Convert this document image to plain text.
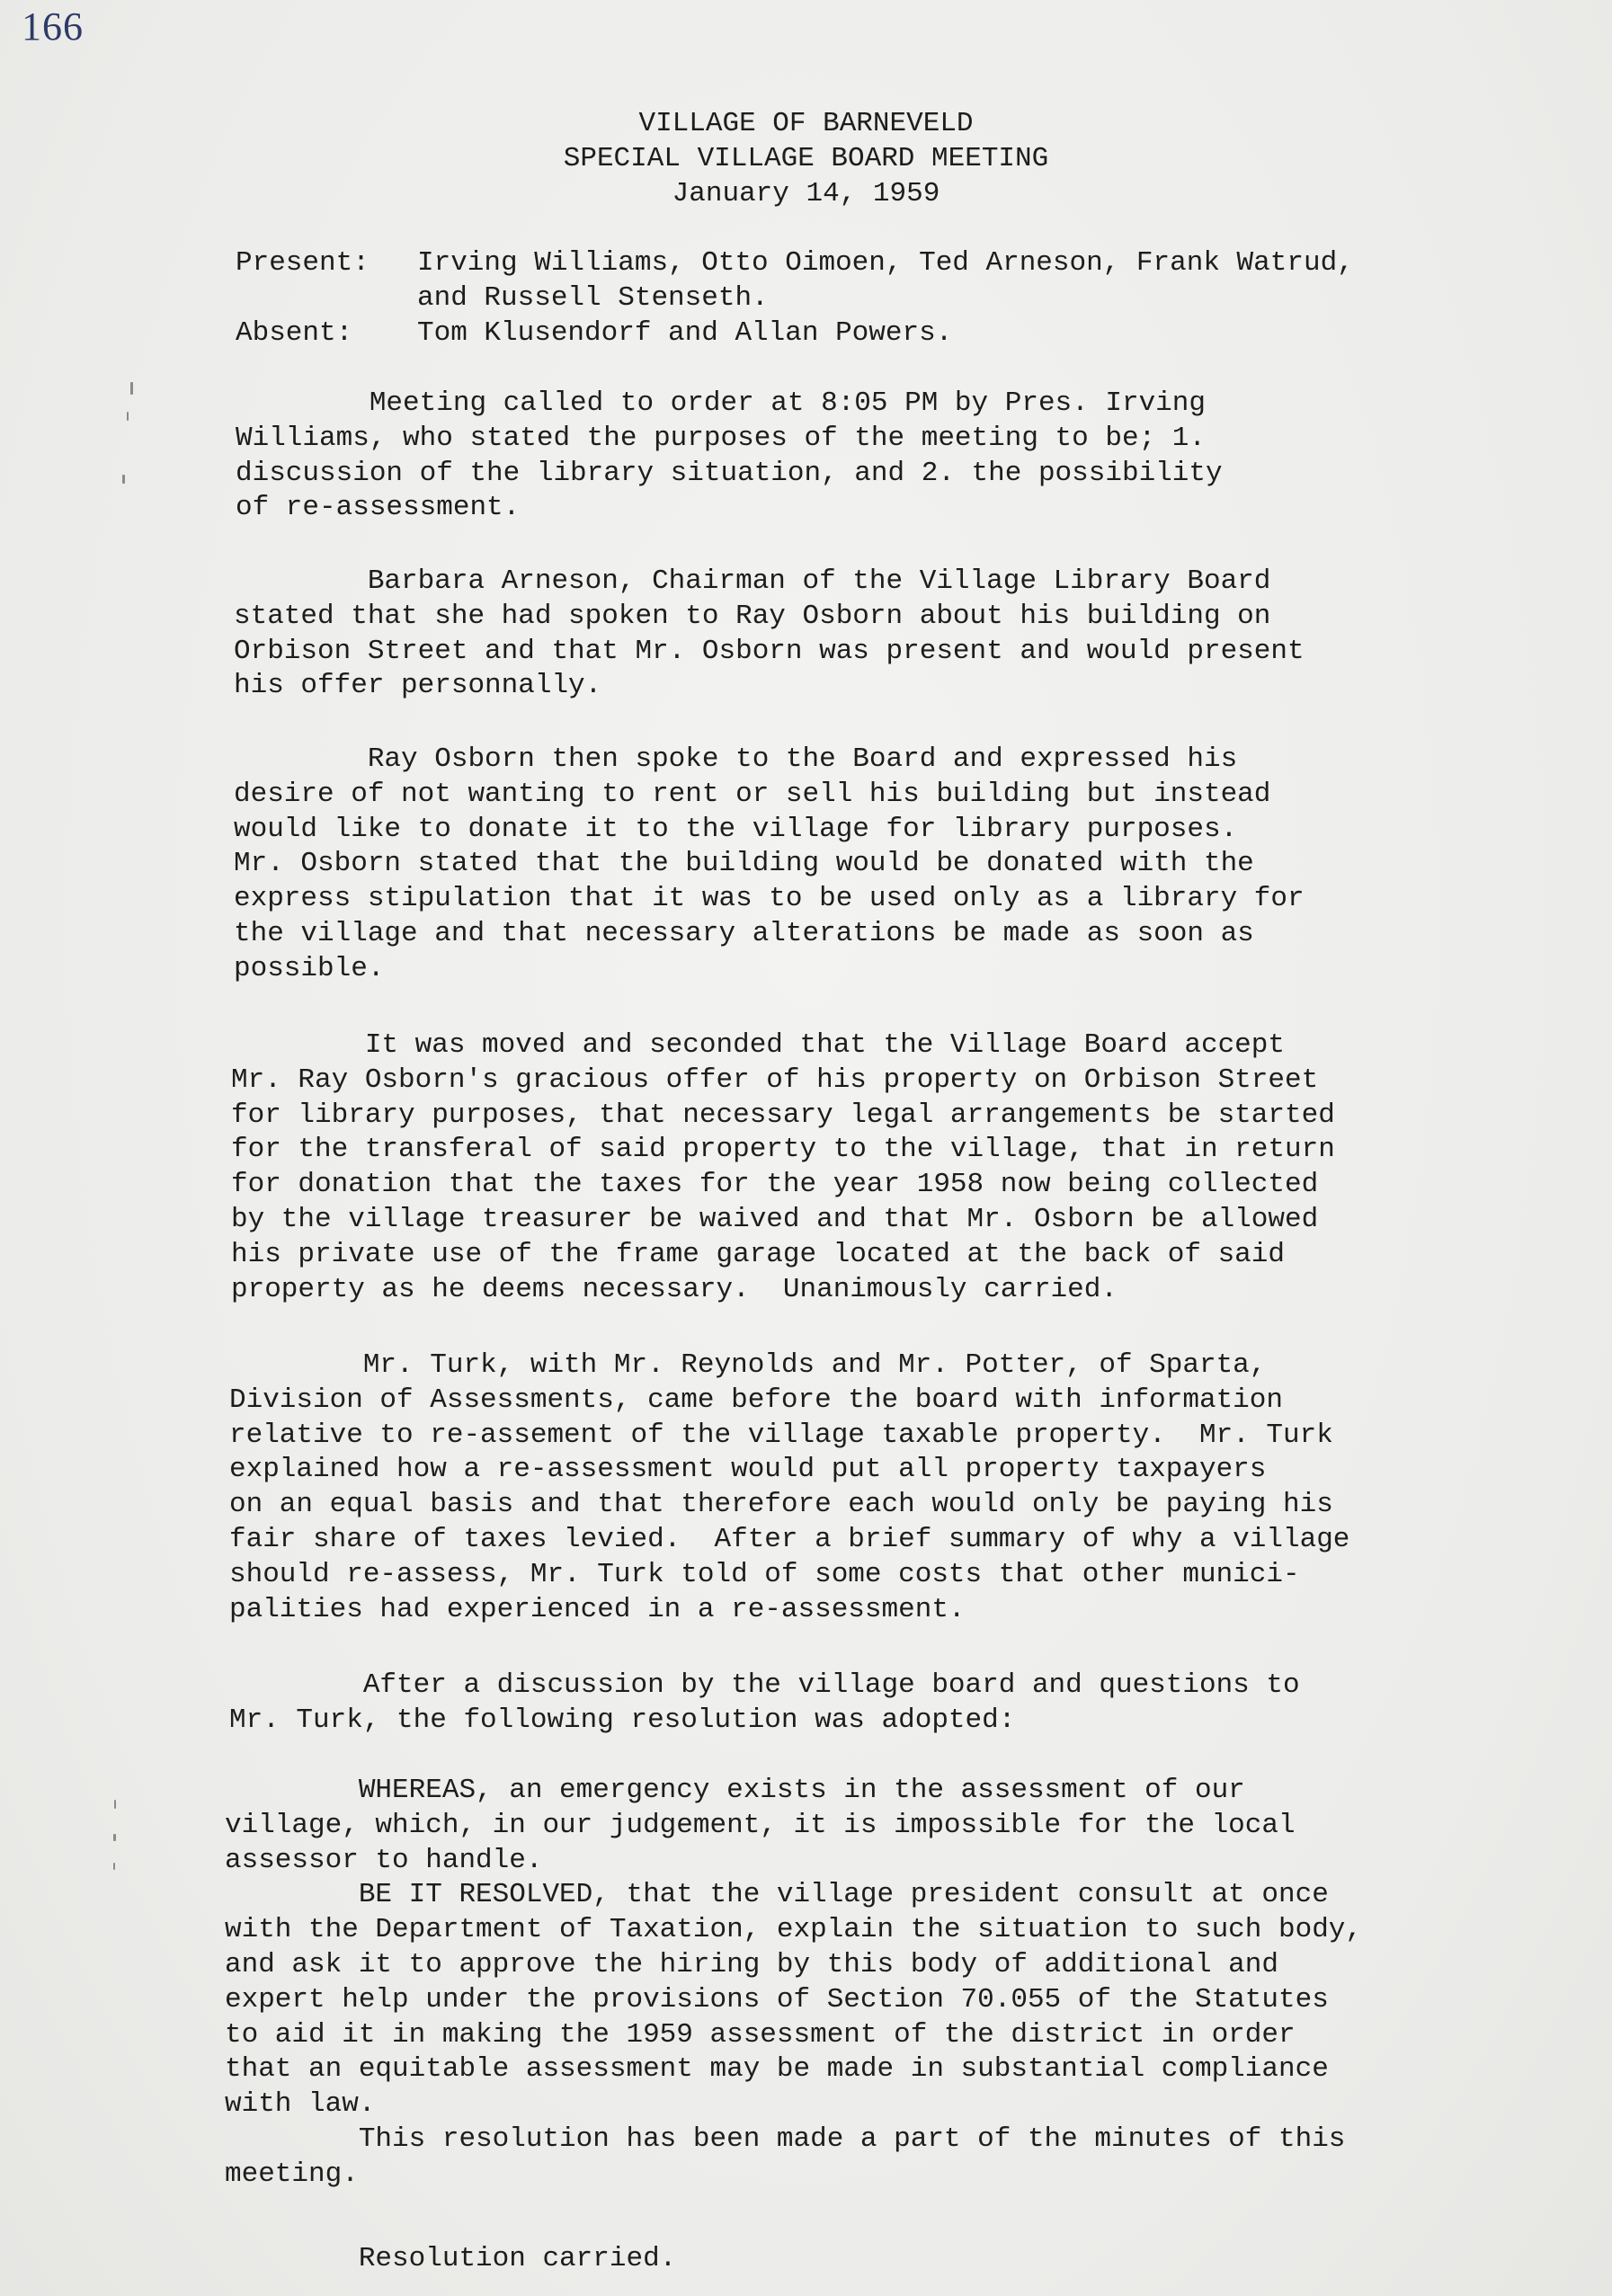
166
VILLAGE OF BARNEVELD
SPECIAL VILLAGE BOARD MEETING
January 14, 1959

Present:

Irving Williams, Otto Oimoen, Ted Arneson, Frank Watrud,

and Russell Stenseth.

Absent:

Tom Klusendorf and Allan Powers.

Meeting called to order at 8:05 PM by Pres. Irving
Williams, who stated the purposes of the meeting to be; 1.
discussion of the library situation, and 2. the possibility
of re-assessment.
Barbara Arneson, Chairman of the Village Library Board
stated that she had spoken to Ray Osborn about his building on
Orbison Street and that Mr. Osborn was present and would present
his offer personnally.
Ray Osborn then spoke to the Board and expressed his
desire of not wanting to rent or sell his building but instead
would like to donate it to the village for library purposes.
Mr. Osborn stated that the building would be donated with the
express stipulation that it was to be used only as a library for
the village and that necessary alterations be made as soon as
possible.
It was moved and seconded that the Village Board accept
Mr. Ray Osborn's gracious offer of his property on Orbison Street
for library purposes, that necessary legal arrangements be started
for the transferal of said property to the village, that in return
for donation that the taxes for the year 1958 now being collected
by the village treasurer be waived and that Mr. Osborn be allowed
his private use of the frame garage located at the back of said
property as he deems necessary.  Unanimously carried.
Mr. Turk, with Mr. Reynolds and Mr. Potter, of Sparta,
Division of Assessments, came before the board with information
relative to re-assement of the village taxable property.  Mr. Turk
explained how a re-assessment would put all property taxpayers
on an equal basis and that therefore each would only be paying his
fair share of taxes levied.  After a brief summary of why a village
should re-assess, Mr. Turk told of some costs that other munici-
palities had experienced in a re-assessment.
After a discussion by the village board and questions to
Mr. Turk, the following resolution was adopted:
WHEREAS, an emergency exists in the assessment of our
village, which, in our judgement, it is impossible for the local
assessor to handle.
BE IT RESOLVED, that the village president consult at once
with the Department of Taxation, explain the situation to such body,
and ask it to approve the hiring by this body of additional and
expert help under the provisions of Section 70.055 of the Statutes
to aid it in making the 1959 assessment of the district in order
that an equitable assessment may be made in substantial compliance
with law.
This resolution has been made a part of the minutes of this
meeting.
Resolution carried.
